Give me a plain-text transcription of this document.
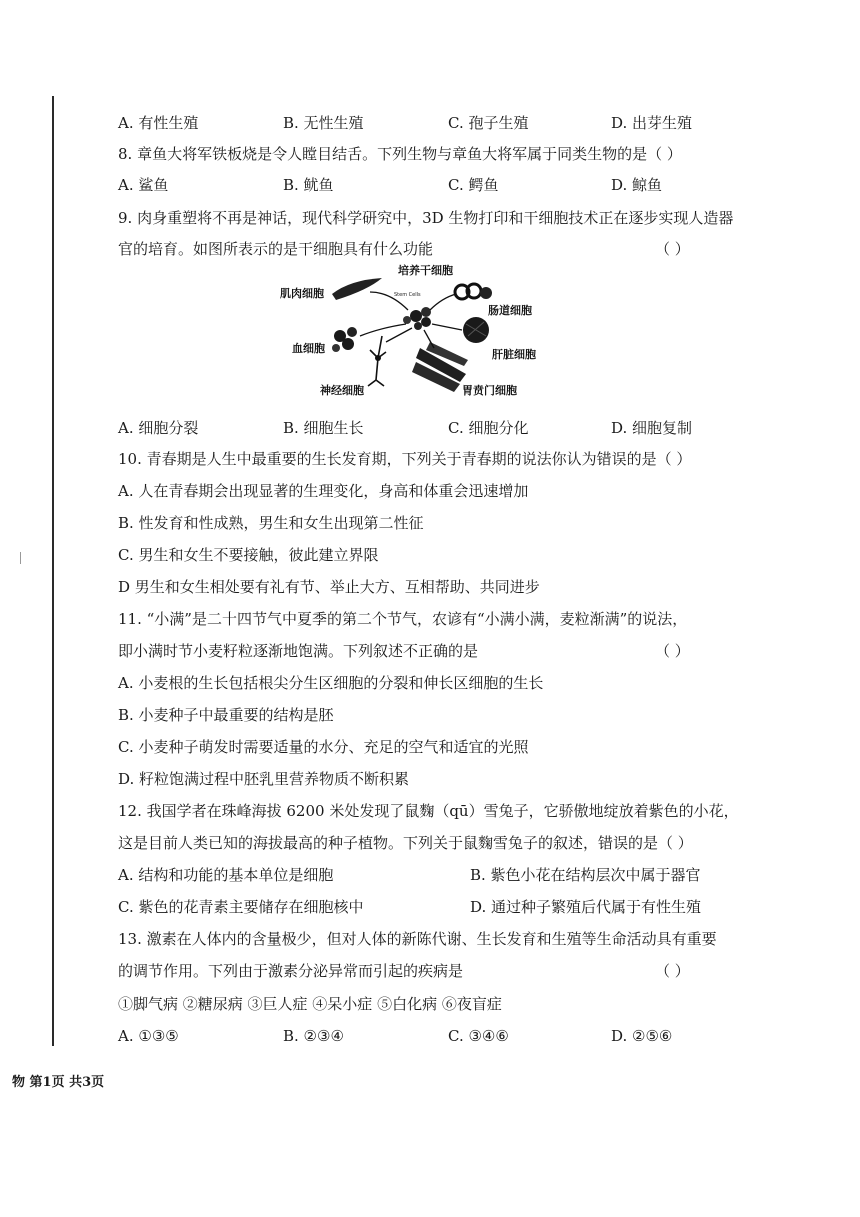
A. 有性生殖	B. 无性生殖	C. 孢子生殖	D. 出芽生殖
8. 章鱼大将军铁板烧是令人瞠目结舌。下列生物与章鱼大将军属于同类生物的是（ ）
A. 鲨鱼	B. 鱿鱼	C. 鳄鱼	D. 鲸鱼
9. 肉身重塑将不再是神话，现代科学研究中，3D 生物打印和干细胞技术正在逐步实现人造器
官的培育。如图所表示的是干细胞具有什么功能	（ ）
培养干细胞
肌肉细胞
肠道细胞
肝脏细胞
血细胞
神经细胞	胃贲门细胞
Stem Cells
A. 细胞分裂	B. 细胞生长	C. 细胞分化	D. 细胞复制
10. 青春期是人生中最重要的生长发育期，下列关于青春期的说法你认为错误的是（ ）
A. 人在青春期会出现显著的生理变化，身高和体重会迅速增加
B. 性发育和性成熟，男生和女生出现第二性征
C. 男生和女生不要接触，彼此建立界限
D 男生和女生相处要有礼有节、举止大方、互相帮助、共同进步
11. “小满”是二十四节气中夏季的第二个节气，农谚有“小满小满，麦粒渐满”的说法，
即小满时节小麦籽粒逐渐地饱满。下列叙述不正确的是	（ ）
A. 小麦根的生长包括根尖分生区细胞的分裂和伸长区细胞的生长
B. 小麦种子中最重要的结构是胚
C. 小麦种子萌发时需要适量的水分、充足的空气和适宜的光照
D. 籽粒饱满过程中胚乳里营养物质不断积累
12. 我国学者在珠峰海拔 6200 米处发现了鼠麴（qū）雪兔子，它骄傲地绽放着紫色的小花，
这是目前人类已知的海拔最高的种子植物。下列关于鼠麴雪兔子的叙述，错误的是（ ）
A. 结构和功能的基本单位是细胞	B. 紫色小花在结构层次中属于器官
C. 紫色的花青素主要储存在细胞核中	D. 通过种子繁殖后代属于有性生殖
13. 激素在人体内的含量极少，但对人体的新陈代谢、生长发育和生殖等生命活动具有重要
的调节作用。下列由于激素分泌异常而引起的疾病是	（ ）
①脚气病 ②糖尿病 ③巨人症 ④呆小症 ⑤白化病 ⑥夜盲症
A. ①③⑤	B. ②③④	C. ③④⑥	D. ②⑤⑥
物 第1页 共3页
